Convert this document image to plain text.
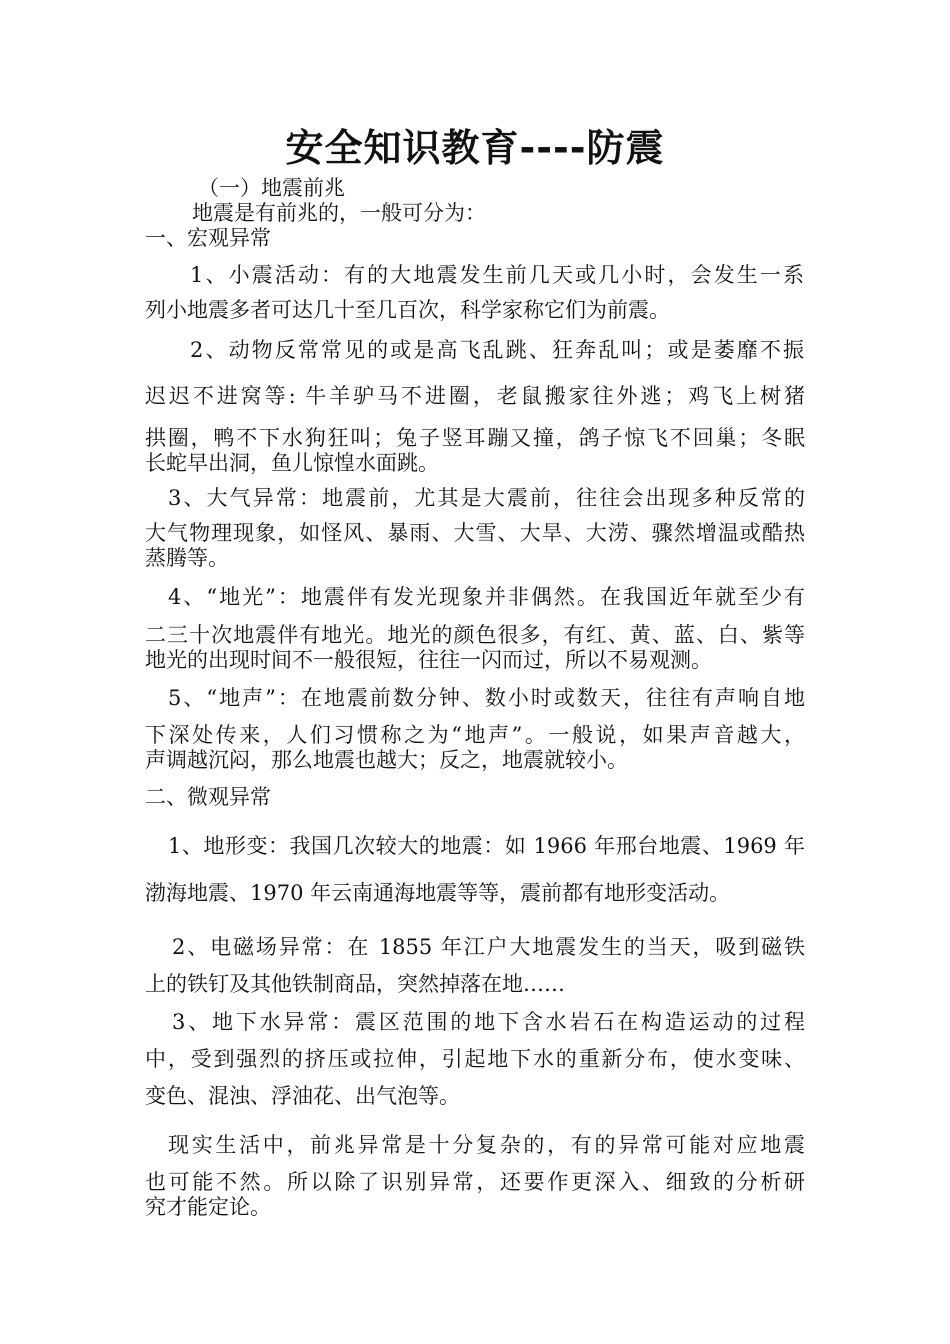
安全知识教育----防震
（一）地震前兆
地震是有前兆的，一般可分为：
一、宏观异常
1、小震活动：有的大地震发生前几天或几小时，会发生一系
列小地震多者可达几十至几百次，科学家称它们为前震。
2、动物反常常见的或是高飞乱跳、狂奔乱叫；或是萎靡不振
迟迟不进窝等: 牛羊驴马不进圈，老鼠搬家往外逃；鸡飞上树猪
拱圈，鸭不下水狗狂叫；兔子竖耳蹦又撞，鸽子惊飞不回巢；冬眠
长蛇早出洞，鱼儿惊惶水面跳。
3、大气异常：地震前，尤其是大震前，往往会出现多种反常的
大气物理现象，如怪风、暴雨、大雪、大旱、大涝、骤然增温或酷热
蒸腾等。
4、“地光”：地震伴有发光现象并非偶然。在我国近年就至少有
二三十次地震伴有地光。地光的颜色很多，有红、黄、蓝、白、紫等
地光的出现时间不一般很短，往往一闪而过，所以不易观测。
5、“地声”：在地震前数分钟、数小时或数天，往往有声响自地
下深处传来，人们习惯称之为“地声”。一般说，如果声音越大，
声调越沉闷，那么地震也越大；反之，地震就较小。
二、微观异常
1、地形变：我国几次较大的地震：如 1966 年邢台地震、1969 年
渤海地震、1970 年云南通海地震等等，震前都有地形变活动。
2、电磁场异常：在 1855 年江户大地震发生的当天，吸到磁铁
上的铁钉及其他铁制商品，突然掉落在地……
3、地下水异常：震区范围的地下含水岩石在构造运动的过程
中，受到强烈的挤压或拉伸，引起地下水的重新分布，使水变味、
变色、混浊、浮油花、出气泡等。
现实生活中，前兆异常是十分复杂的，有的异常可能对应地震
也可能不然。所以除了识别异常，还要作更深入、细致的分析研
究才能定论。
